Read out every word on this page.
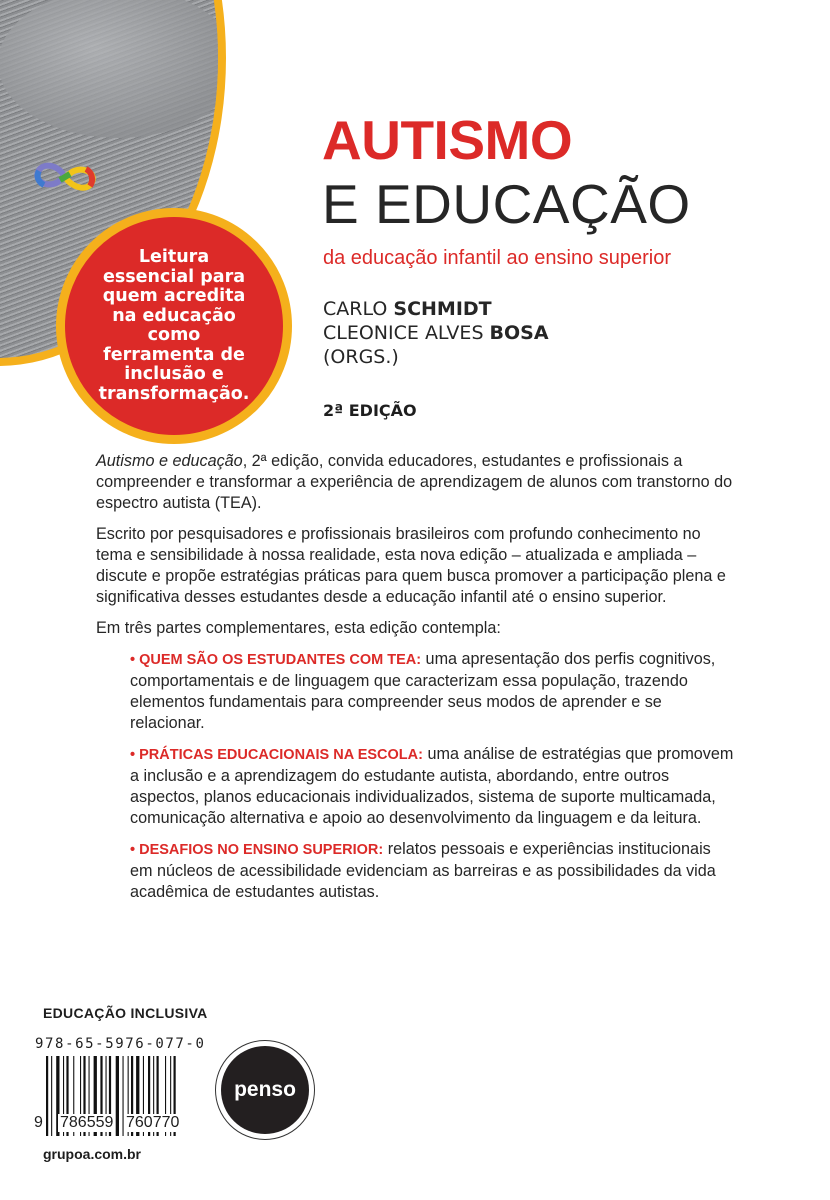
Leitura essencial para quem acredita na educação como ferramenta de inclusão e transformação.
AUTISMO
E EDUCAÇÃO
da educação infantil ao ensino superior
CARLO SCHMIDT
CLEONICE ALVES BOSA
(ORGS.)
2ª EDIÇÃO

Autismo e educação, 2ª edição, convida educadores, estudantes e profissionais a compreender e transformar a experiência de aprendizagem de alunos com transtorno do espectro autista (TEA).

Escrito por pesquisadores e profissionais brasileiros com profundo conhecimento no tema e sensibilidade à nossa realidade, esta nova edição – atualizada e ampliada – discute e propõe estratégias práticas para quem busca promover a participação plena e significativa desses estudantes desde a educação infantil até o ensino superior.

Em três partes complementares, esta edição contempla:

• QUEM SÃO OS ESTUDANTES COM TEA: uma apresentação dos perfis cognitivos, comportamentais e de linguagem que caracterizam essa população, trazendo elementos fundamentais para compreender seus modos de aprender e se relacionar.

• PRÁTICAS EDUCACIONAIS NA ESCOLA: uma análise de estratégias que promovem a inclusão e a aprendizagem do estudante autista, abordando, entre outros aspectos, planos educacionais individualizados, sistema de suporte multicamada, comunicação alternativa e apoio ao desenvolvimento da linguagem e da leitura.

• DESAFIOS NO ENSINO SUPERIOR: relatos pessoais e experiências institucionais em núcleos de acessibilidade evidenciam as barreiras e as possibilidades da vida acadêmica de estudantes autistas.

EDUCAÇÃO INCLUSIVA
978-65-5976-077-0
9 786559 760770
grupoa.com.br
penso
